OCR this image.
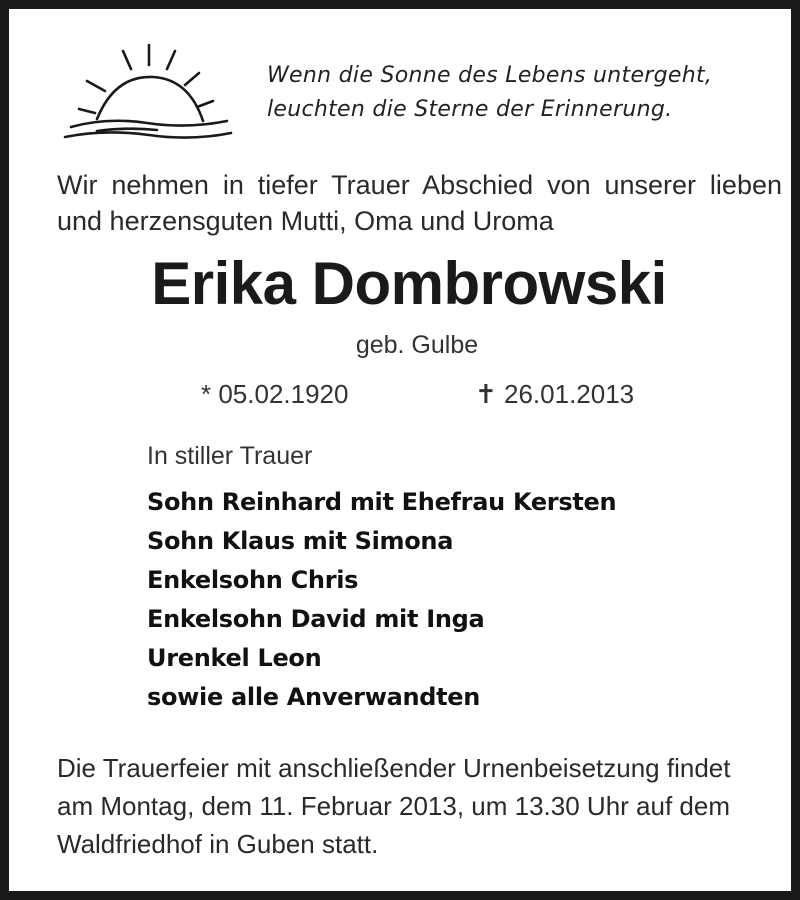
Wenn die Sonne des Lebens untergeht,
leuchten die Sterne der Erinnerung.
Wir nehmen in tiefer Trauer Abschied von unserer lieben
und herzensguten Mutti, Oma und Uroma
Erika Dombrowski
geb. Gulbe
* 05.02.1920	✝ 26.01.2013
In stiller Trauer
Sohn Reinhard mit Ehefrau Kersten
Sohn Klaus mit Simona
Enkelsohn Chris
Enkelsohn David mit Inga
Urenkel Leon
sowie alle Anverwandten
Die Trauerfeier mit anschließender Urnenbeisetzung findet
am Montag, dem 11. Februar 2013, um 13.30 Uhr auf dem
Waldfriedhof in Guben statt.
